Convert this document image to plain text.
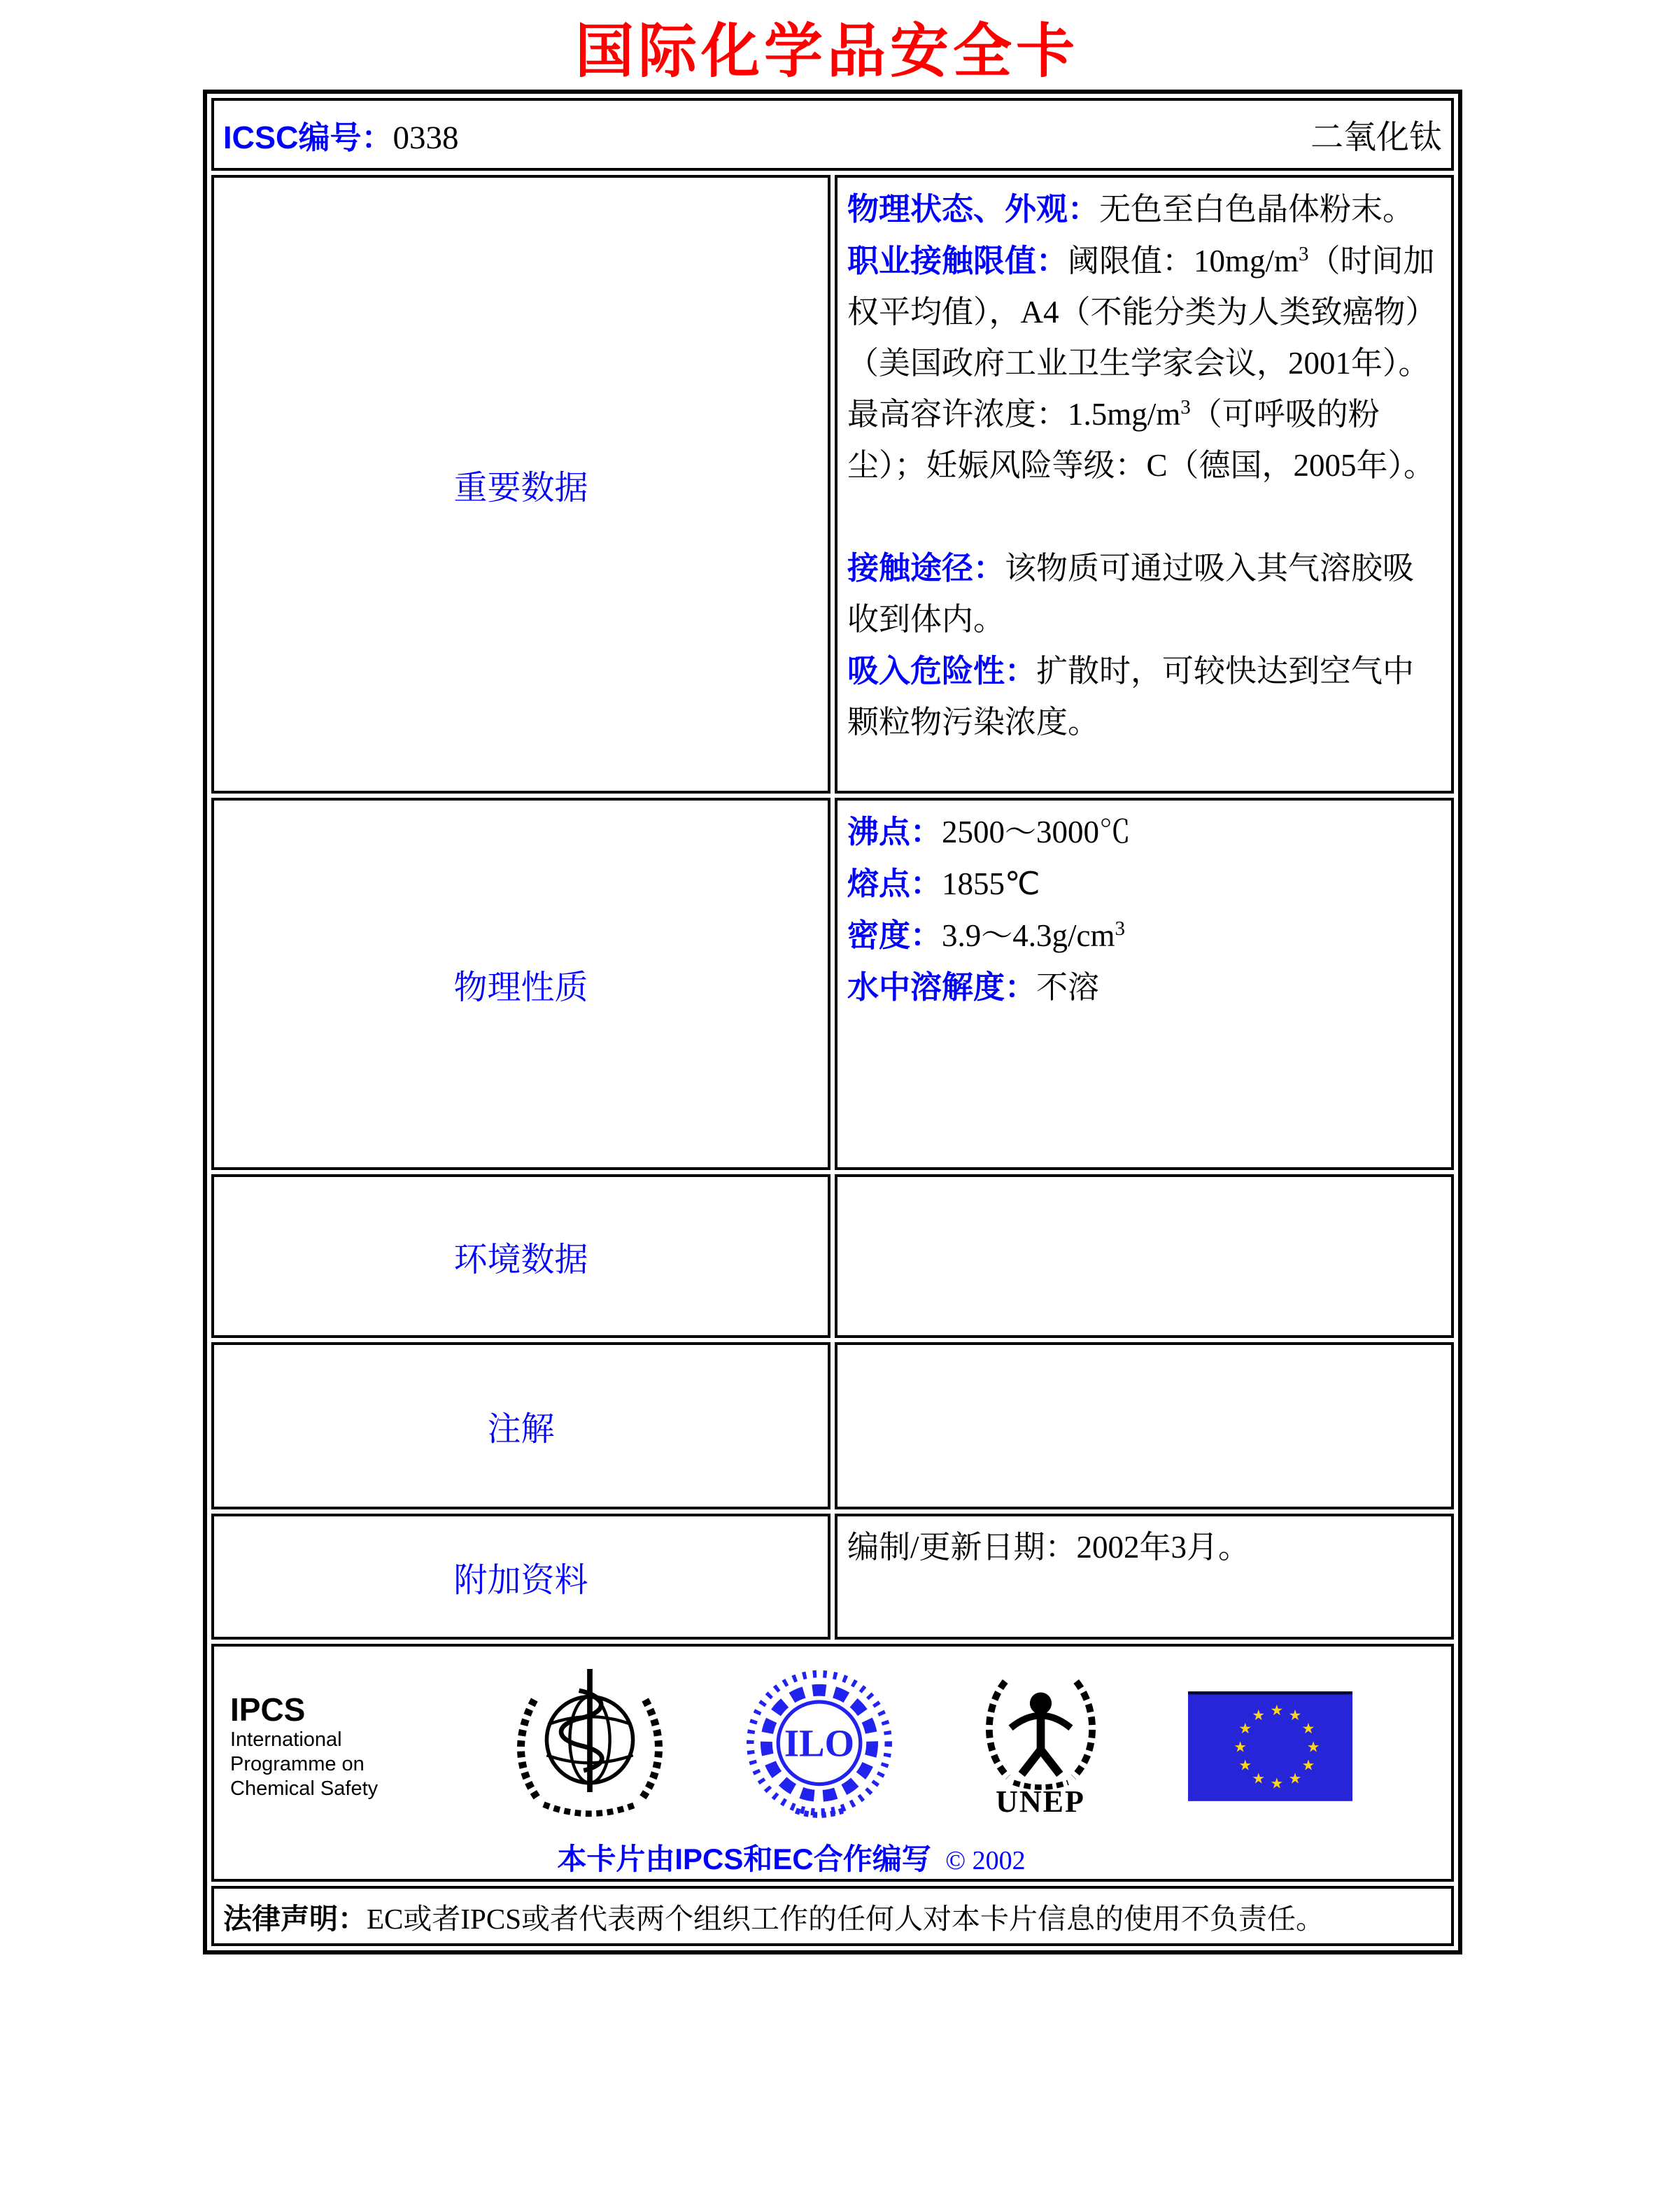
国际化学品安全卡
ICSC编号：0338 二氧化钛	

重要数据	物理状态、外观：无色至白色晶体粉末。
职业接触限值：阈限值：$10mg/m^3$（时间加权平均值），A4（不能分类为人类致癌物）（美国政府工业卫生学家会议，2001年）。最高容许浓度：$1.5mg/m^3$（可呼吸的粉尘）；妊娠风险等级：C（德国，2005年）。
接触途径：该物质可通过吸入其气溶胶吸收到体内。
吸入危险性：扩散时，可较快达到空气中颗粒物污染浓度。

物理性质	沸点：2500～3000℃
熔点：1855℃
密度：$3.9\sim 4.3g/cm^3$
水中溶解度：不溶

环境数据	
注解	
附加资料	编制/更新日期：2002年3月。

IPCS
International
Programme on
Chemical Safety
ILO
UNEP
★ ★
★
★
★
★
★
★
★
★
★
★
本卡片由IPCS和EC合作编写 © 2002

法律声明：EC或者IPCS或者代表两个组织工作的任何人对本卡片信息的使用不负责任。	
